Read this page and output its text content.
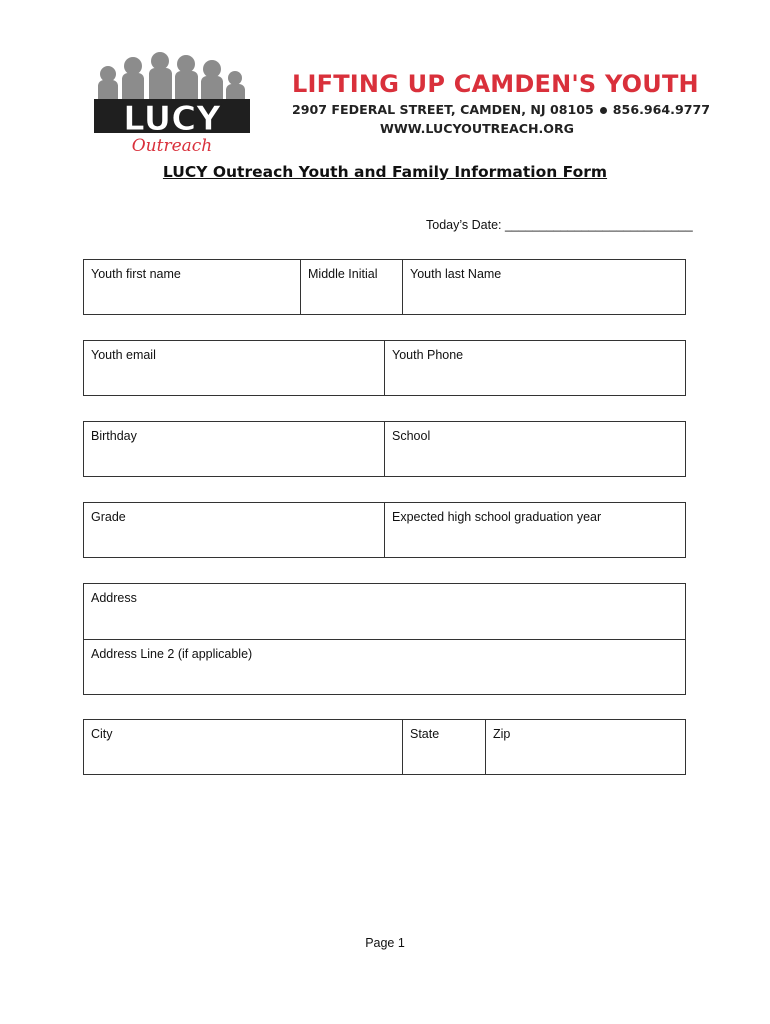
LUCY
Outreach
LIFTING UP CAMDEN'S YOUTH
2907 FEDERAL STREET, CAMDEN, NJ 08105 856.964.9777
WWW.LUCYOUTREACH.ORG
LUCY Outreach Youth and Family Information Form
Today’s Date: ___________________________
Youth first name	Middle Initial	Youth last Name
Youth email	Youth Phone
Birthday	School
Grade	Expected high school graduation year
Address
Address Line 2 (if applicable)
City	State	Zip
Page 1
